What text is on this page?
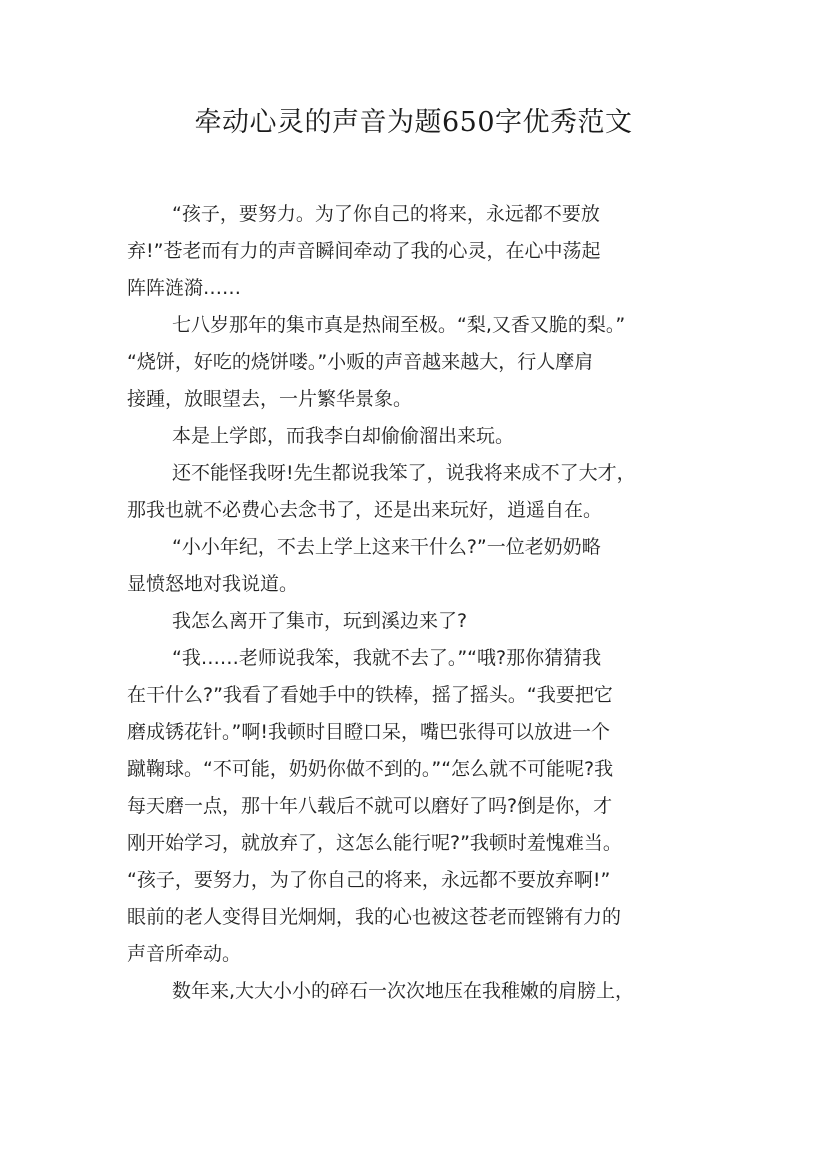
牵动心灵的声音为题650字优秀范文
“孩子，要努力。为了你自己的将来，永远都不要放
弃!”苍老而有力的声音瞬间牵动了我的心灵，在心中荡起
阵阵涟漪……
七八岁那年的集市真是热闹至极。“梨,又香又脆的梨。”
“烧饼，好吃的烧饼喽。”小贩的声音越来越大，行人摩肩
接踵，放眼望去，一片繁华景象。
本是上学郎，而我李白却偷偷溜出来玩。
还不能怪我呀!先生都说我笨了，说我将来成不了大才，
那我也就不必费心去念书了，还是出来玩好，逍遥自在。
“小小年纪，不去上学上这来干什么?”一位老奶奶略
显愤怒地对我说道。
我怎么离开了集市，玩到溪边来了?
“我……老师说我笨，我就不去了。”“哦?那你猜猜我
在干什么?”我看了看她手中的铁棒，摇了摇头。“我要把它
磨成锈花针。”啊!我顿时目瞪口呆，嘴巴张得可以放进一个
蹴鞠球。“不可能，奶奶你做不到的。”“怎么就不可能呢?我
每天磨一点，那十年八载后不就可以磨好了吗?倒是你，才
刚开始学习，就放弃了，这怎么能行呢?”我顿时羞愧难当。
“孩子，要努力，为了你自己的将来，永远都不要放弃啊!”
眼前的老人变得目光炯炯，我的心也被这苍老而铿锵有力的
声音所牵动。
数年来,大大小小的碎石一次次地压在我稚嫩的肩膀上，
